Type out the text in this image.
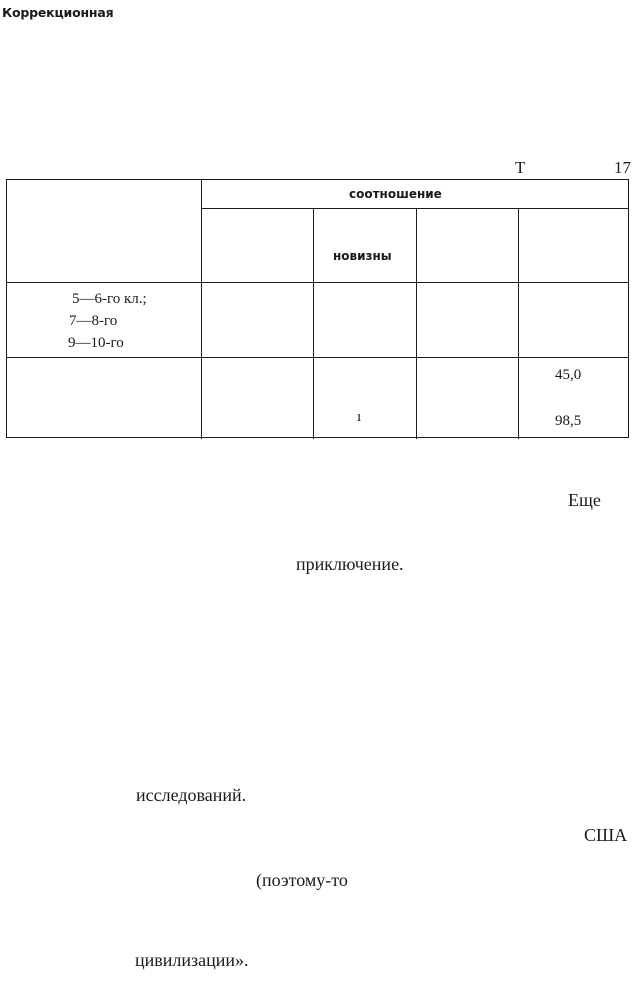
Коррекционная
Т	17
соотношение
новизны
5—6-го кл.;
7—8-го
9—10-го
ı
45,0
98,5
Еще
приключение.
исследований.
США
(поэтому-то
цивилизации».
